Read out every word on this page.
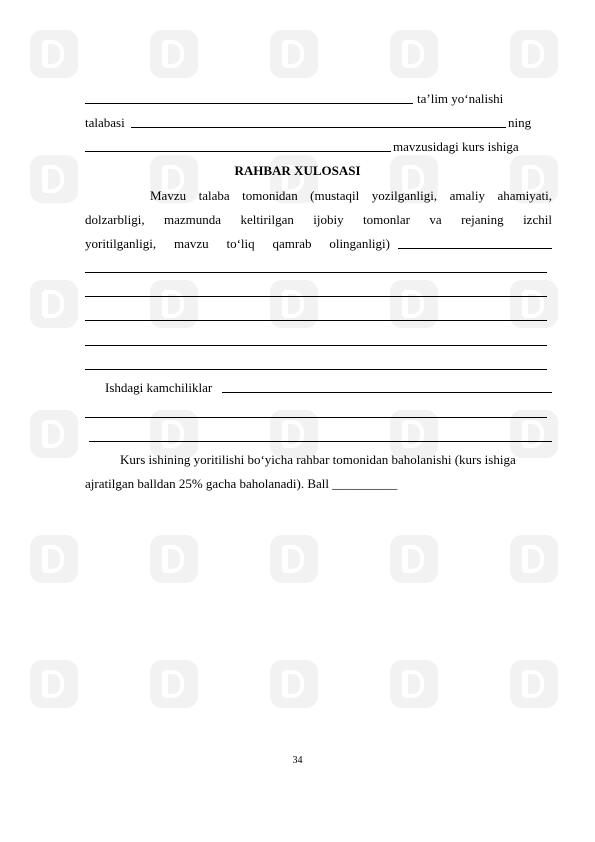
ta’lim yo‘nalishi
talabasi	ning
mavzusidagi kurs ishiga
RAHBAR XULOSASI
Mavzu talaba tomonidan (mustaqil yozilganligi, amaliy ahamiyati,
dolzarbligi, mazmunda keltirilgan ijobiy tomonlar va rejaning izchil
yoritilganligi, mavzu to‘liq qamrab olinganligi)
Ishdagi kamchiliklar
Kurs ishining yoritilishi bo‘yicha rahbar tomonidan baholanishi (kurs ishiga
ajratilgan balldan 25% gacha baholanadi). Ball __________
34
